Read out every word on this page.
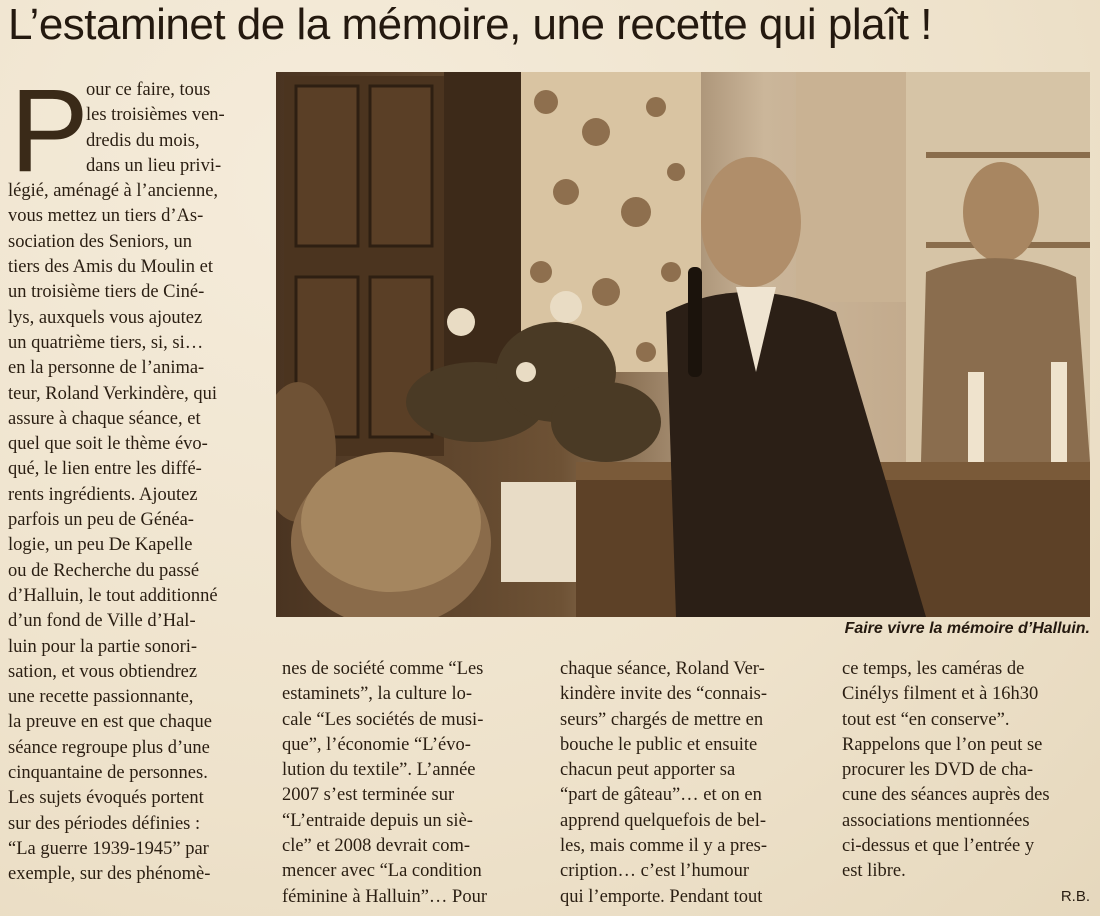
L’estaminet de la mémoire, une recette qui plaît !
P
our ce faire, tous
les troisièmes ven-
dredis du mois,
dans un lieu privi-
légié, aménagé à l’ancienne,
vous mettez un tiers d’As-
sociation des Seniors, un
tiers des Amis du Moulin et
un troisième tiers de Ciné-
lys, auxquels vous ajoutez
un quatrième tiers, si, si…
en la personne de l’anima-
teur, Roland Verkindère, qui
assure à chaque séance, et
quel que soit le thème évo-
qué, le lien entre les diffé-
rents ingrédients. Ajoutez
parfois un peu de Généa-
logie, un peu De Kapelle
ou de Recherche du passé
d’Halluin, le tout additionné
d’un fond de Ville d’Hal-
luin pour la partie sonori-
sation, et vous obtiendrez
une recette passionnante,
la preuve en est que chaque
séance regroupe plus d’une
cinquantaine de personnes.
Les sujets évoqués portent
sur des périodes définies :
“La guerre 1939-1945” par
exemple, sur des phénomè-
Faire vivre la mémoire d’Halluin.
nes de société comme “Les
estaminets”, la culture lo-
cale “Les sociétés de musi-
que”, l’économie “L’évo-
lution du textile”. L’année
2007 s’est terminée sur
“L’entraide depuis un siè-
cle” et 2008 devrait com-
mencer avec “La condition
féminine à Halluin”… Pour
chaque séance, Roland Ver-
kindère invite des “connais-
seurs” chargés de mettre en
bouche le public et ensuite
chacun peut apporter sa
“part de gâteau”… et on en
apprend quelquefois de bel-
les, mais comme il y a pres-
cription… c’est l’humour
qui l’emporte. Pendant tout
ce temps, les caméras de
Cinélys filment et à 16h30
tout est “en conserve”.
Rappelons que l’on peut se
procurer les DVD de cha-
cune des séances auprès des
associations mentionnées
ci-dessus et que l’entrée y
est libre.
R.B.
